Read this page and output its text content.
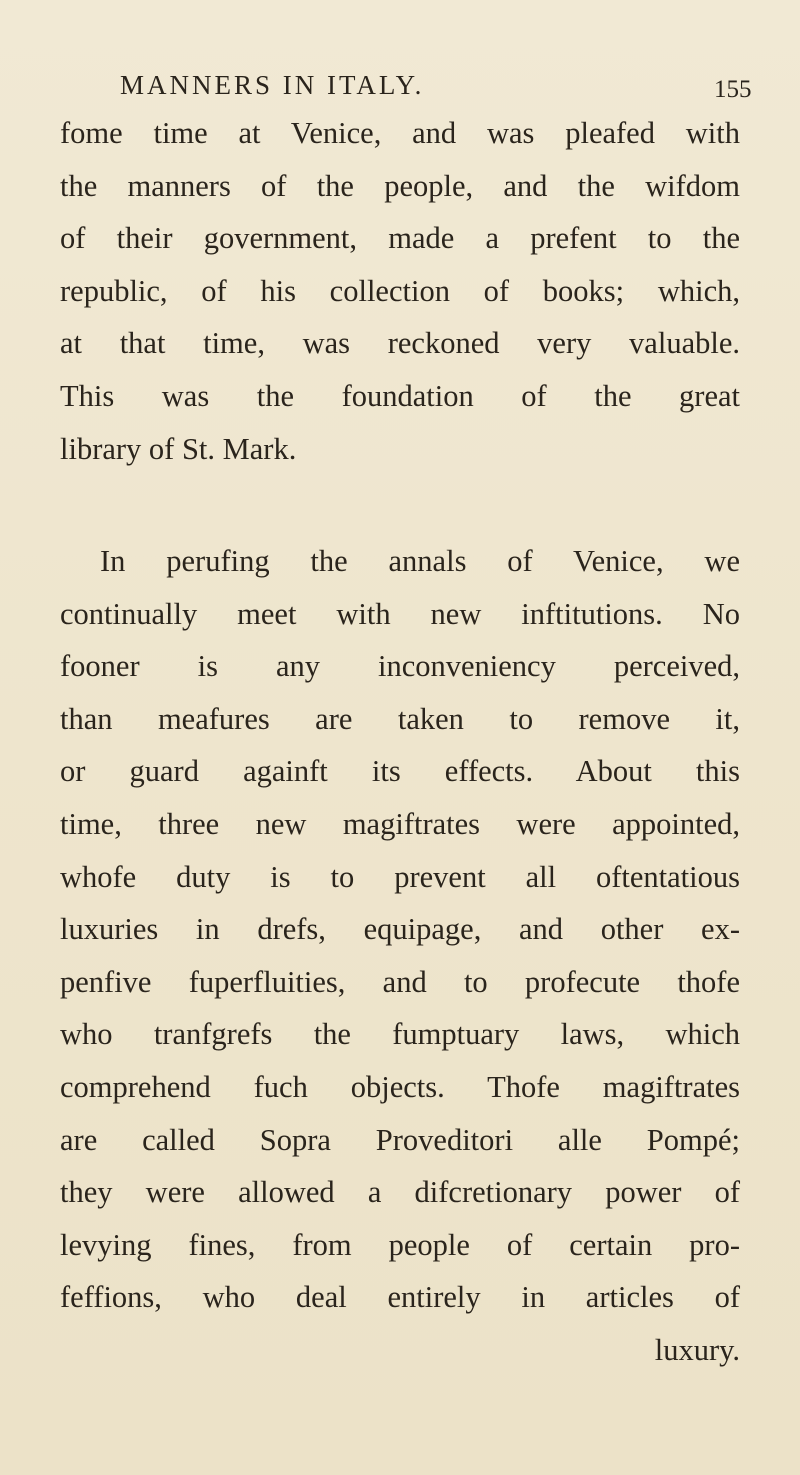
MANNERS IN ITALY.	155
fome time at Venice, and was pleafed with
the manners of the people, and the wifdom
of their government, made a prefent to the
republic, of his collection of books; which,
at that time, was reckoned very valuable.
This was the foundation of the great
library of St. Mark.
In perufing the annals of Venice, we
continually meet with new inftitutions. No
fooner is any inconveniency perceived,
than meafures are taken to remove it,
or guard againft its effects. About this
time, three new magiftrates were appointed,
whofe duty is to prevent all oftentatious
luxuries in drefs, equipage, and other ex-
penfive fuperfluities, and to profecute thofe
who tranfgrefs the fumptuary laws, which
comprehend fuch objects. Thofe magiftrates
are called Sopra Proveditori alle Pompé;
they were allowed a difcretionary power of
levying fines, from people of certain pro-
feffions, who deal entirely in articles of
luxury.
